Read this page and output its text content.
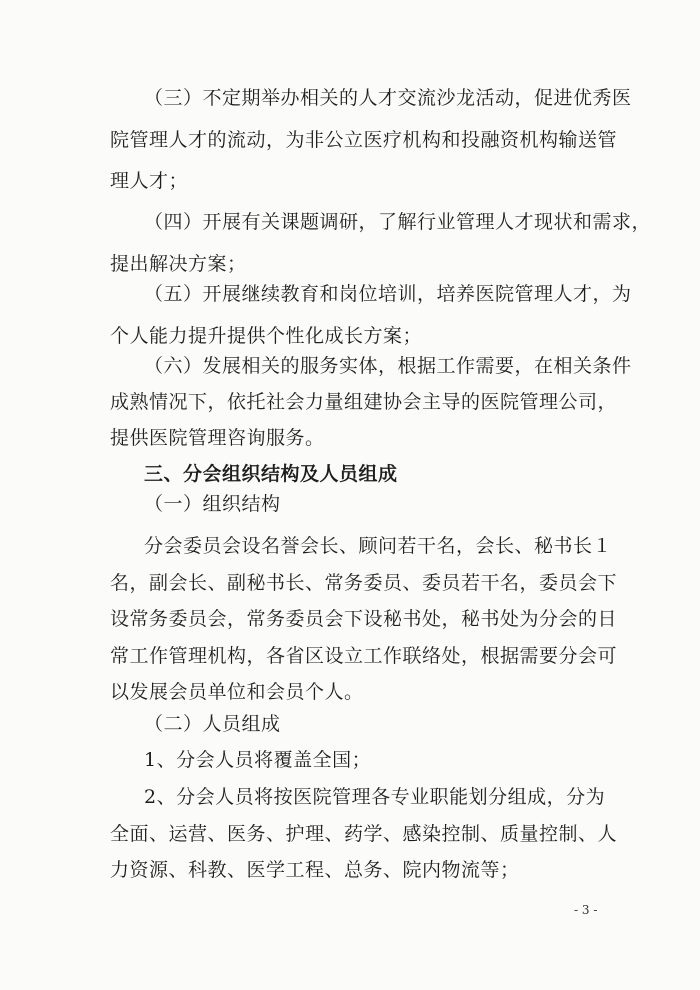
（三）不定期举办相关的人才交流沙龙活动，促进优秀医
院管理人才的流动，为非公立医疗机构和投融资机构输送管
理人才；
（四）开展有关课题调研，了解行业管理人才现状和需求，
提出解决方案；
（五）开展继续教育和岗位培训，培养医院管理人才，为
个人能力提升提供个性化成长方案；
（六）发展相关的服务实体，根据工作需要，在相关条件
成熟情况下，依托社会力量组建协会主导的医院管理公司，
提供医院管理咨询服务。
三、分会组织结构及人员组成
（一）组织结构
分会委员会设名誉会长、顾问若干名，会长、秘书长１
名，副会长、副秘书长、常务委员、委员若干名，委员会下
设常务委员会，常务委员会下设秘书处，秘书处为分会的日
常工作管理机构，各省区设立工作联络处，根据需要分会可
以发展会员单位和会员个人。
（二）人员组成
1、分会人员将覆盖全国；
2、分会人员将按医院管理各专业职能划分组成，分为
全面、运营、医务、护理、药学、感染控制、质量控制、人
力资源、科教、医学工程、总务、院内物流等；
- 3 -
